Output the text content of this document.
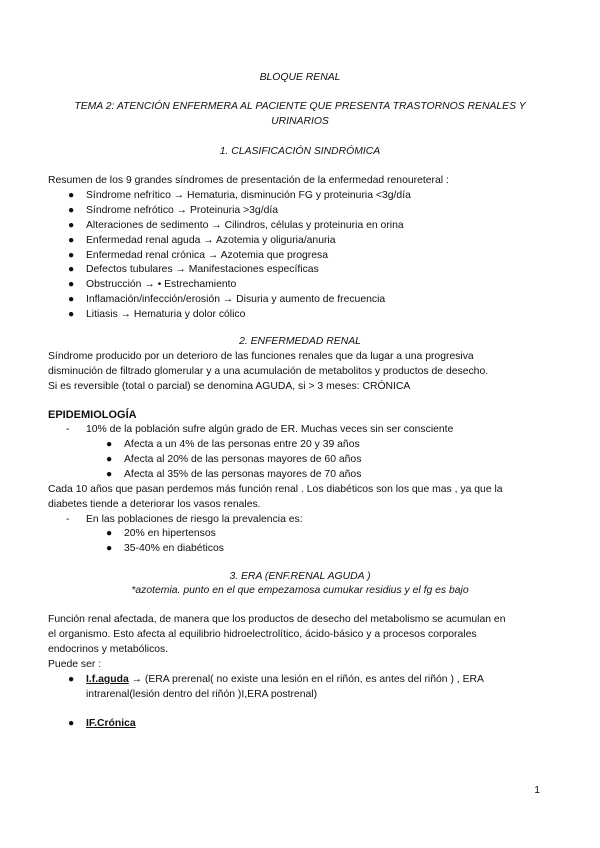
BLOQUE RENAL
TEMA 2: ATENCIÓN ENFERMERA AL PACIENTE QUE PRESENTA TRASTORNOS RENALES Y
URINARIOS
1. CLASIFICACIÓN SINDRÓMICA
Resumen de los 9 grandes síndromes de presentación de la enfermedad renoureteral :
● Síndrome nefrítico → Hematuria, disminución FG y proteinuria <3g/día
● Síndrome nefrótico → Proteinuria >3g/día
● Alteraciones de sedimento → Cilindros, células y proteinuria en orina
● Enfermedad renal aguda → Azotemia y oliguria/anuria
● Enfermedad renal crónica → Azotemia que progresa
● Defectos tubulares → Manifestaciones específicas
● Obstrucción → • Estrechamiento
● Inflamación/infección/erosión → Disuria y aumento de frecuencia
● Litiasis → Hematuria y dolor cólico
2. ENFERMEDAD RENAL
Síndrome producido por un deterioro de las funciones renales que da lugar a una progresiva
disminución de filtrado glomerular y a una acumulación de metabolitos y productos de desecho.
Si es reversible (total o parcial) se denomina AGUDA, si > 3 meses: CRÓNICA
EPIDEMIOLOGÍA
- 10% de la población sufre algún grado de ER. Muchas veces sin ser consciente
● Afecta a un 4% de las personas entre 20 y 39 años
● Afecta al 20% de las personas mayores de 60 años
● Afecta al 35% de las personas mayores de 70 años
Cada 10 años que pasan perdemos más función renal . Los diabéticos son los que mas , ya que la
diabetes tiende a deteriorar los vasos renales.
- En las poblaciones de riesgo la prevalencia es:
● 20% en hipertensos
● 35-40% en diabéticos
3. ERA (ENF.RENAL AGUDA )
*azotemia. punto en el que empezamosa cumukar residius y el fg es bajo
Función renal afectada, de manera que los productos de desecho del metabolismo se acumulan en
el organismo. Esto afecta al equilibrio hidroelectrolítico, ácido-básico y a procesos corporales
endocrinos y metabólicos.
Puede ser :
● I.f.aguda → (ERA prerenal( no existe una lesión en el riñón, es antes del riñón ) , ERA
intrarenal(lesión dentro del riñón )I,ERA postrenal)
● IF.Crónica
1
